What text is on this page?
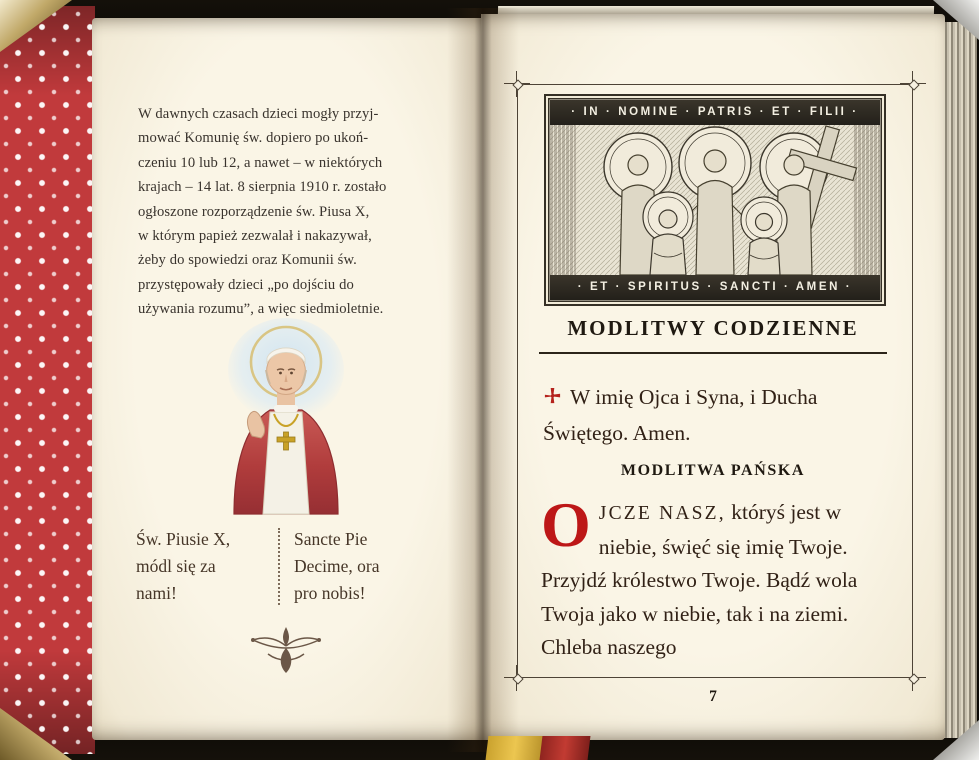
W dawnych czasach dzieci mogły przyj-
mować Komunię św. dopiero po ukoń-
czeniu 10 lub 12, a nawet – w niektórych
krajach – 14 lat. 8 sierpnia 1910 r. zostało
ogłoszone rozporządzenie św. Piusa X,
w którym papież zezwalał i nakazywał,
żeby do spowiedzi oraz Komunii św.
przystępowały dzieci „po dojściu do
używania rozumu”, a więc siedmioletnie.

Św. Piusie X,
módl się za
nami!
Sancte Pie
Decime, ora
pro nobis!
· IN · NOMINE · PATRIS · ET · FILII ·
· ET · SPIRITUS · SANCTI · AMEN ·
MODLITWY CODZIENNE

W imię Ojca i Syna, i Ducha
Świętego. Amen.

MODLITWA PAŃSKA

OJCZE NASZ, któryś jest w niebie, święć się imię Twoje. Przyjdź królestwo Twoje. Bądź wola Twoja jako w niebie, tak i na ziemi. Chleba naszego

7
